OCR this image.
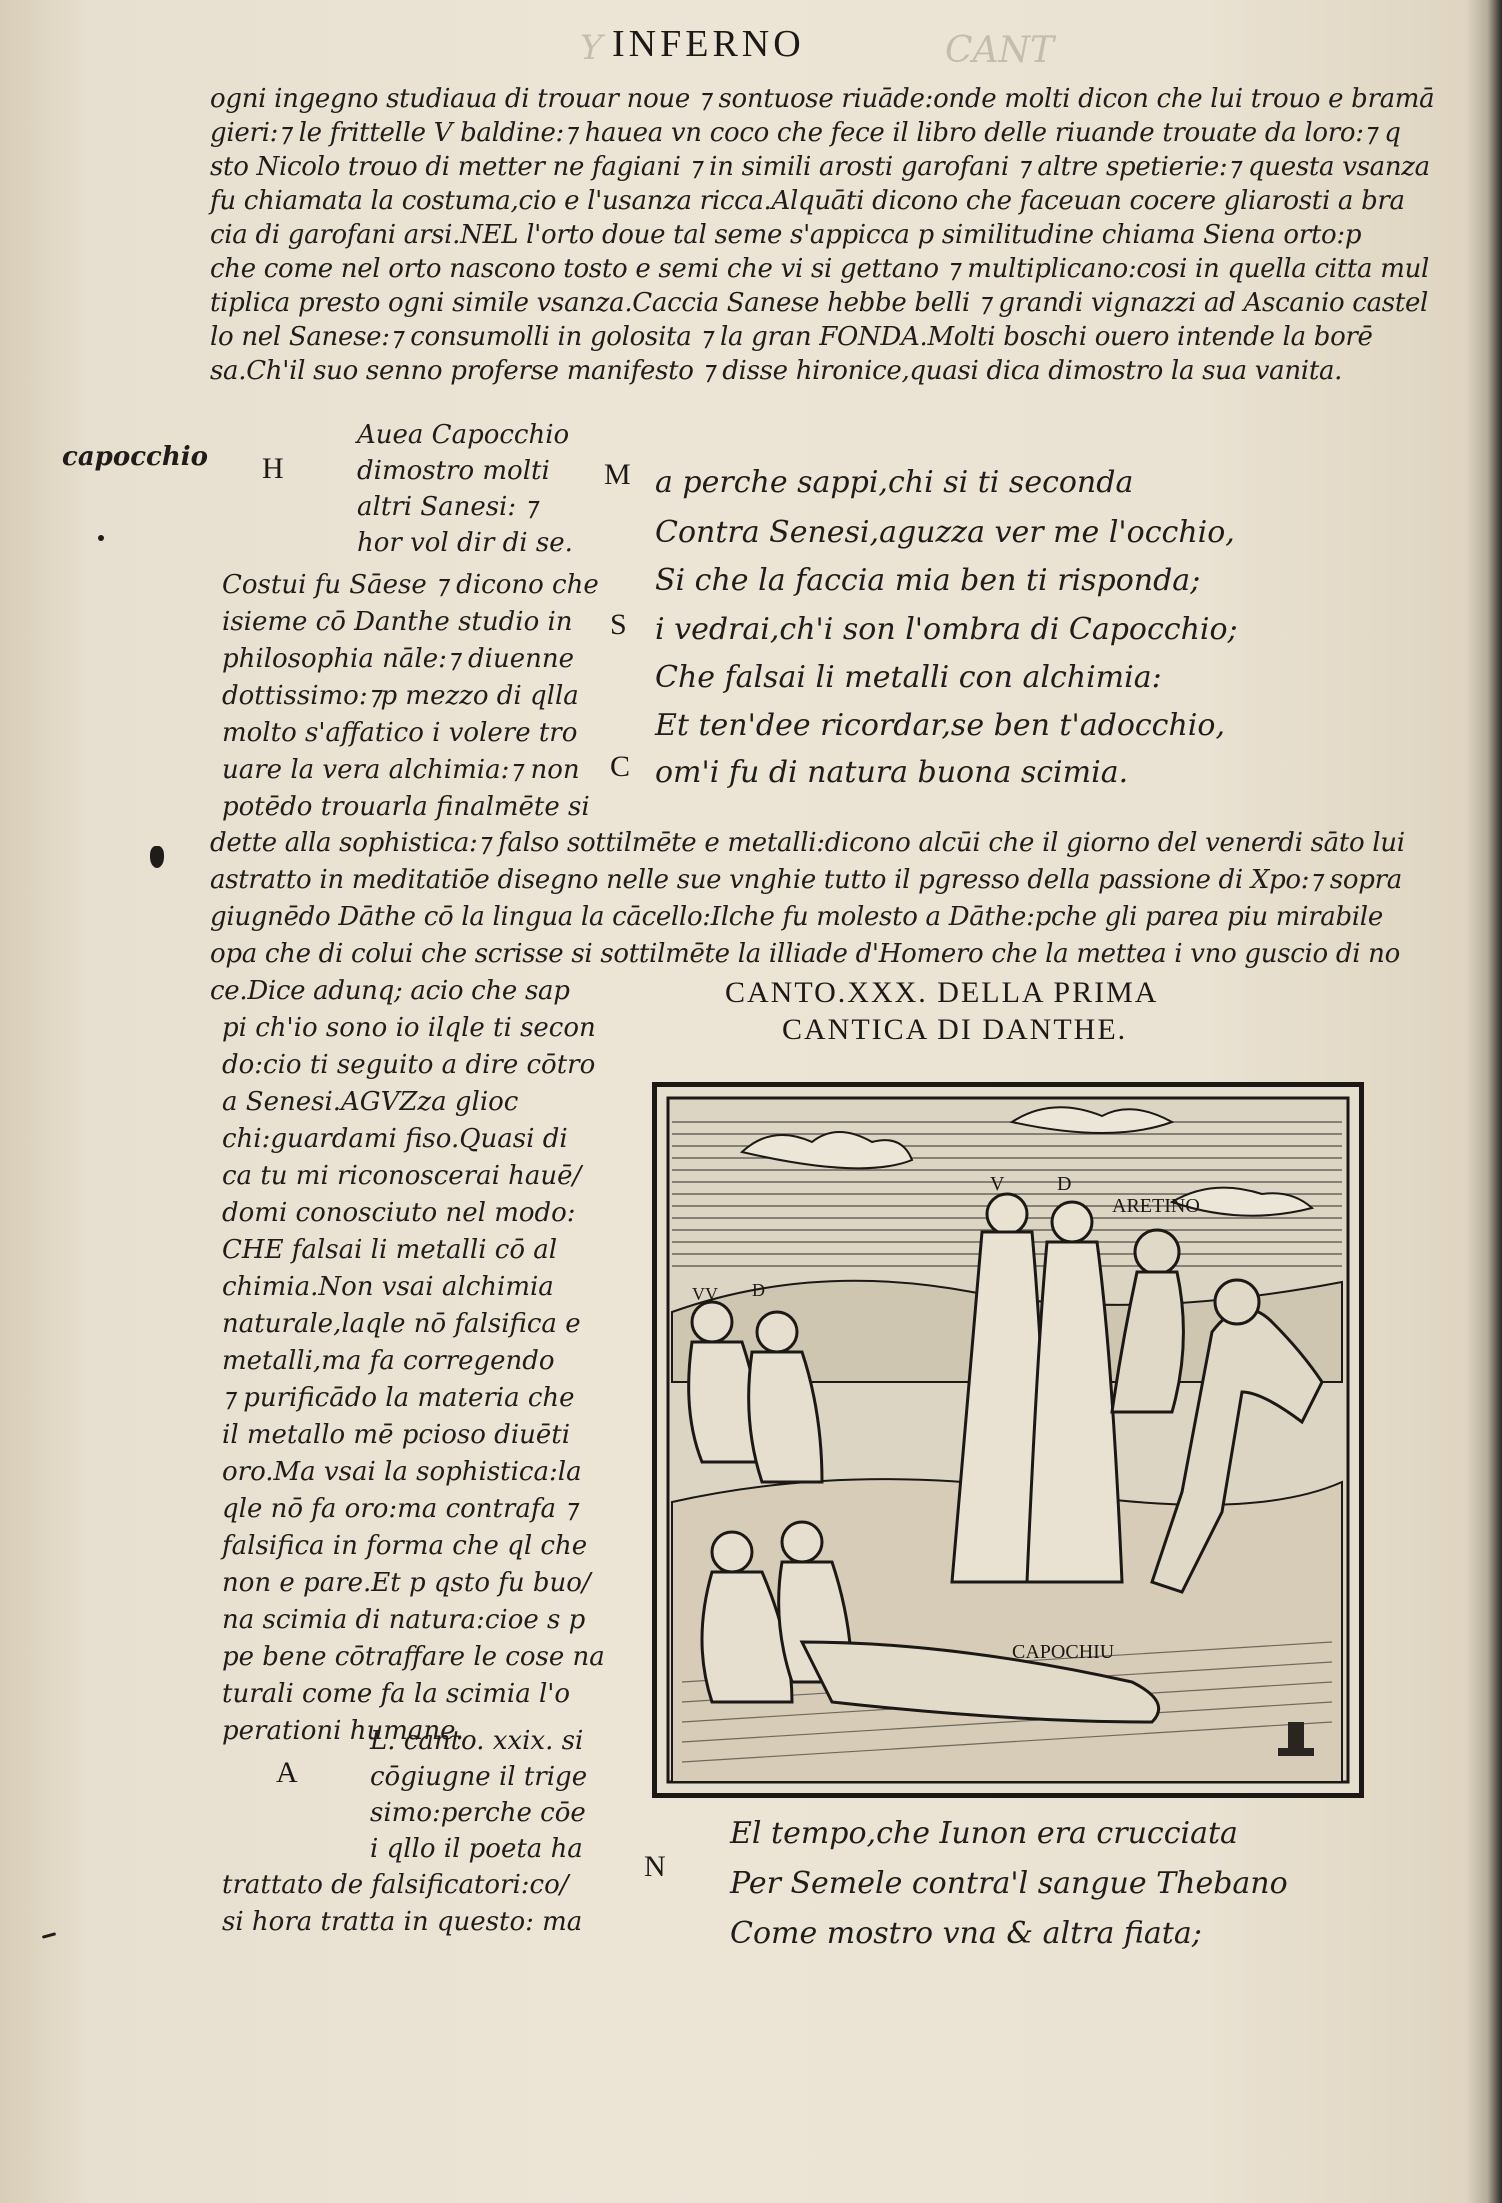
Y INFERNO	CANT
ogni ingegno studiaua di trouar noue ⁊ sontuose riuāde:onde molti dicon che lui trouo e bramā
gieri:⁊ le frittelle V baldine:⁊ hauea vn coco che fece il libro delle riuande trouate da loro:⁊ q
sto Nicolo trouo di metter ne fagiani ⁊ in simili arosti garofani ⁊ altre spetierie:⁊ questa vsanza
fu chiamata la costuma,cio e l'usanza ricca.Alquāti dicono che faceuan cocere gliarosti a bra
cia di garofani arsi.NEL l'orto doue tal seme s'appicca p similitudine chiama Siena orto:p
che come nel orto nascono tosto e semi che vi si gettano ⁊ multiplicano:cosi in quella citta mul
tiplica presto ogni simile vsanza.Caccia Sanese hebbe belli ⁊ grandi vignazzi ad Ascanio castel
lo nel Sanese:⁊ consumolli in golosita ⁊ la gran FONDA.Molti boschi ouero intende la borē
sa.Ch'il suo senno proferse manifesto ⁊ disse hironice,quasi dica dimostro la sua vanita.
capocchio H
Auea Capocchio
dimostro molti
altri Sanesi: ⁊
hor vol dir di se.
Costui fu Sāese ⁊ dicono che
isieme cō Danthe studio in
philosophia nāle:⁊ diuenne
dottissimo:⁊p mezzo di qlla
molto s'affatico i volere tro
uare la vera alchimia:⁊ non
potēdo trouarla finalmēte si
M
S
C
a perche sappi,chi si ti seconda
Contra Senesi,aguzza ver me l'occhio,
Si che la faccia mia ben ti risponda;
i vedrai,ch'i son l'ombra di Capocchio;
Che falsai li metalli con alchimia:
Et ten'dee ricordar,se ben t'adocchio,
om'i fu di natura buona scimia.
dette alla sophistica:⁊ falso sottilmēte e metalli:dicono alcūi che il giorno del venerdi sāto lui
astratto in meditatiōe disegno nelle sue vnghie tutto il pgresso della passione di Xpo:⁊ sopra
giugnēdo Dāthe cō la lingua la cācello:Ilche fu molesto a Dāthe:pche gli parea piu mirabile
opa che di colui che scrisse si sottilmēte la illiade d'Homero che la mettea i vno guscio di no
ce.Dice adunq; acio che sap	CANTO.XXX. DELLA PRIMA
CANTICA DI DANTHE.
pi ch'io sono io ilqle ti secon
do:cio ti seguito a dire cōtro
a Senesi.AGVZza glioc
chi:guardami fiso.Quasi di
ca tu mi riconoscerai hauē/
domi conosciuto nel modo:
CHE falsai li metalli cō al
chimia.Non vsai alchimia
naturale,laqle nō falsifica e
metalli,ma fa corregendo
⁊ purificādo la materia che
il metallo mē pcioso diuēti
oro.Ma vsai la sophistica:la
qle nō fa oro:ma contrafa ⁊
falsifica in forma che ql che
non e pare.Et p qsto fu buo/
na scimia di natura:cioe s p
pe bene cōtraffare le cose na
turali come fa la scimia l'o
perationi humane.
A
L. canto. xxix. si
cōgiugne il trige
simo:perche cōe
i qllo il poeta ha
trattato de falsificatori:co/
si hora tratta in questo: ma
V	D
ARETINO
VV D
CAPOCHIU
N
El tempo,che Iunon era crucciata
Per Semele contra'l sangue Thebano
Come mostro vna & altra fiata;
